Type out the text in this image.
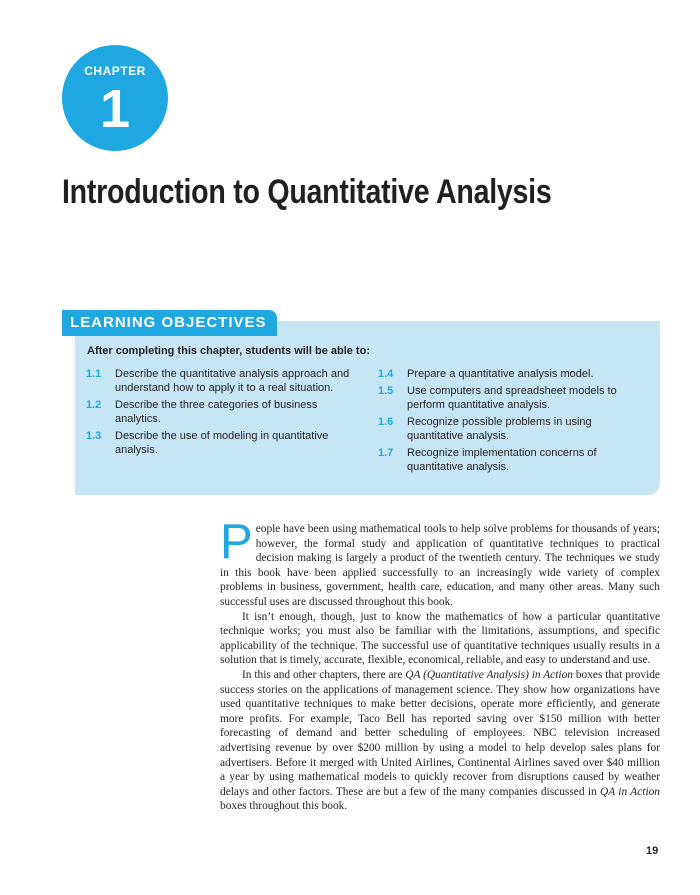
CHAPTER
1
Introduction to Quantitative Analysis
LEARNING OBJECTIVES
After completing this chapter, students will be able to:
1.1 Describe the quantitative analysis approach and understand how to apply it to a real situation.
1.2 Describe the three categories of business analytics.
1.3 Describe the use of modeling in quantitative analysis.
1.4 Prepare a quantitative analysis model.
1.5 Use computers and spreadsheet models to perform quantitative analysis.
1.6 Recognize possible problems in using quantitative analysis.
1.7 Recognize implementation concerns of quantitative analysis.

People have been using mathematical tools to help solve problems for thousands of years; however, the formal study and application of quantitative techniques to practical decision making is largely a product of the twentieth century. The techniques we study in this book have been applied successfully to an increasingly wide variety of complex problems in business, government, health care, education, and many other areas. Many such successful uses are discussed throughout this book.

It isn’t enough, though, just to know the mathematics of how a particular quantitative technique works; you must also be familiar with the limitations, assumptions, and specific applicability of the technique. The successful use of quantitative techniques usually results in a solution that is timely, accurate, flexible, economical, reliable, and easy to understand and use.

In this and other chapters, there are QA (Quantitative Analysis) in Action boxes that provide success stories on the applications of management science. They show how organizations have used quantitative techniques to make better decisions, operate more efficiently, and generate more profits. For example, Taco Bell has reported saving over $150 million with better forecasting of demand and better scheduling of employees. NBC television increased advertising revenue by over $200 million by using a model to help develop sales plans for advertisers. Before it merged with United Airlines, Continental Airlines saved over $40 million a year by using mathematical models to quickly recover from disruptions caused by weather delays and other factors. These are but a few of the many companies discussed in QA in Action boxes throughout this book.

19
